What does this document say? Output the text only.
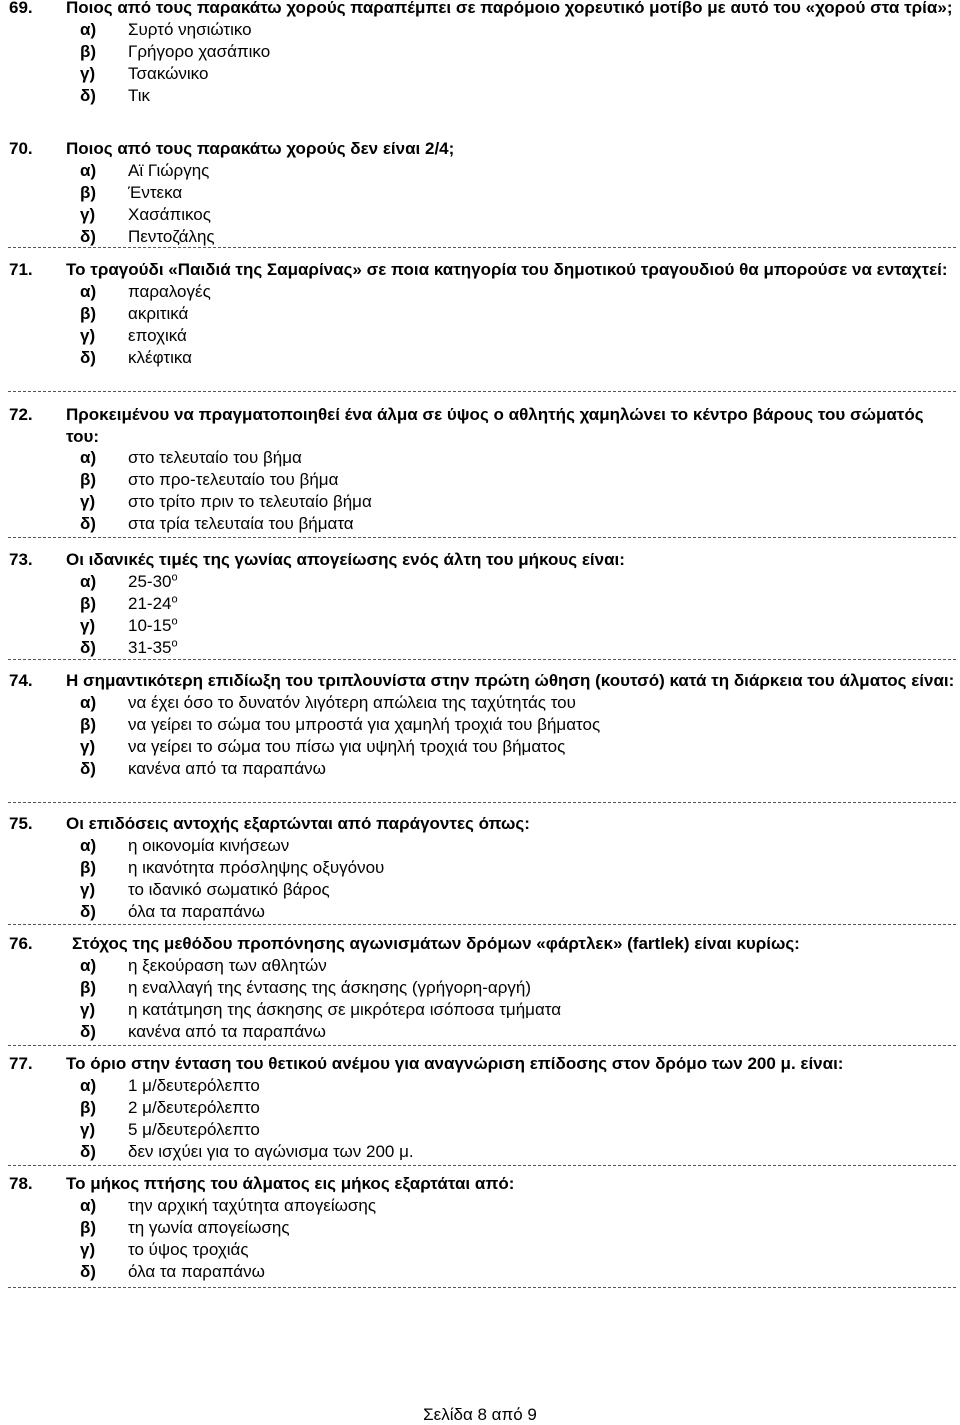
69. Ποιος από τους παρακάτω χορούς παραπέμπει σε παρόμοιο χορευτικό μοτίβο με αυτό του «χορού στα τρία»;
α) Συρτό νησιώτικο
β) Γρήγορο χασάπικο
γ) Τσακώνικο
δ) Τικ
70. Ποιος από τους παρακάτω χορούς δεν είναι 2/4;
α) Αϊ Γιώργης
β) Έντεκα
γ) Χασάπικος
δ) Πεντοζάλης
71. Το τραγούδι «Παιδιά της Σαμαρίνας» σε ποια κατηγορία του δημοτικού τραγουδιού θα μπορούσε να ενταχτεί:
α) παραλογές
β) ακριτικά
γ) εποχικά
δ) κλέφτικα
72. Προκειμένου να πραγματοποιηθεί ένα άλμα σε ύψος ο αθλητής χαμηλώνει το κέντρο βάρους του σώματός του:
α) στο τελευταίο του βήμα
β) στο προ-τελευταίο του βήμα
γ) στο τρίτο πριν το τελευταίο βήμα
δ) στα τρία τελευταία του βήματα
73. Οι ιδανικές τιμές της γωνίας απογείωσης ενός άλτη του μήκους είναι:
α) $25-30^o$
β) $21-24^o$
γ) $10-15^o$
δ) $31-35^o$
74. Η σημαντικότερη επιδίωξη του τριπλουνίστα στην πρώτη ώθηση (κουτσό) κατά τη διάρκεια του άλματος είναι:
α) να έχει όσο το δυνατόν λιγότερη απώλεια της ταχύτητάς του
β) να γείρει το σώμα του μπροστά για χαμηλή τροχιά του βήματος
γ) να γείρει το σώμα του πίσω για υψηλή τροχιά του βήματος
δ) κανένα από τα παραπάνω
75. Οι επιδόσεις αντοχής εξαρτώνται από παράγοντες όπως:
α) η οικονομία κινήσεων
β) η ικανότητα πρόσληψης οξυγόνου
γ) το ιδανικό σωματικό βάρος
δ) όλα τα παραπάνω
76. Στόχος της μεθόδου προπόνησης αγωνισμάτων δρόμων «φάρτλεκ» (fartlek) είναι κυρίως:
α) η ξεκούραση των αθλητών
β) η εναλλαγή της έντασης της άσκησης (γρήγορη-αργή)
γ) η κατάτμηση της άσκησης σε μικρότερα ισόποσα τμήματα
δ) κανένα από τα παραπάνω
77. Το όριο στην ένταση του θετικού ανέμου για αναγνώριση επίδοσης στον δρόμο των 200 μ. είναι:
α) 1 μ/δευτερόλεπτο
β) 2 μ/δευτερόλεπτο
γ) 5 μ/δευτερόλεπτο
δ) δεν ισχύει για το αγώνισμα των 200 μ.
78. Το μήκος πτήσης του άλματος εις μήκος εξαρτάται από:
α) την αρχική ταχύτητα απογείωσης
β) τη γωνία απογείωσης
γ) το ύψος τροχιάς
δ) όλα τα παραπάνω
Σελίδα 8 από 9
